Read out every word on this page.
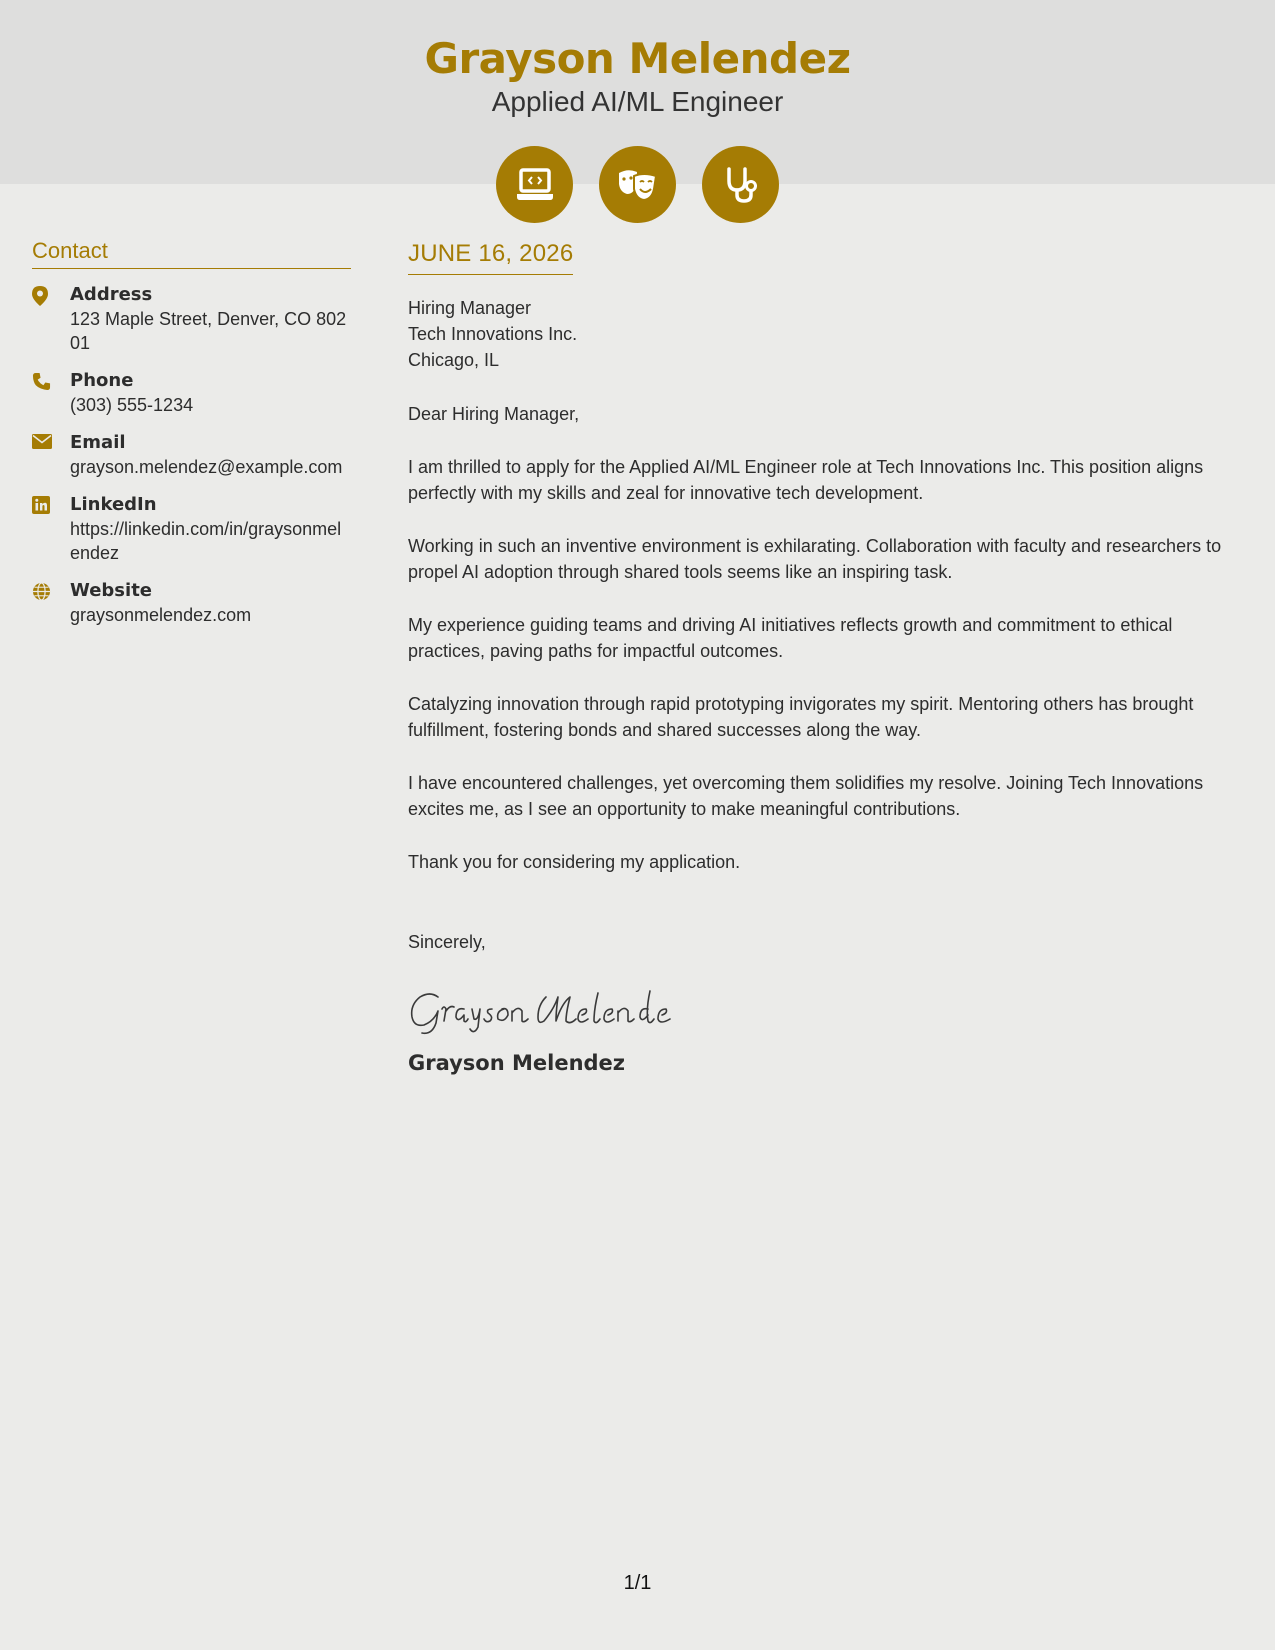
Grayson Melendez
Applied AI/ML Engineer
Contact
Address
123 Maple Street, Denver, CO 80201
Phone
(303) 555-1234
Email
grayson.melendez@example.com
LinkedIn
https://linkedin.com/in/graysonmelendez
Website
graysonmelendez.com
JUNE 16, 2026
Hiring Manager
Tech Innovations Inc.
Chicago, IL
Dear Hiring Manager,
I am thrilled to apply for the Applied AI/ML Engineer role at Tech Innovations Inc. This position aligns perfectly with my skills and zeal for innovative tech development.
Working in such an inventive environment is exhilarating. Collaboration with faculty and researchers to propel AI adoption through shared tools seems like an inspiring task.
My experience guiding teams and driving AI initiatives reflects growth and commitment to ethical practices, paving paths for impactful outcomes.
Catalyzing innovation through rapid prototyping invigorates my spirit. Mentoring others has brought fulfillment, fostering bonds and shared successes along the way.
I have encountered challenges, yet overcoming them solidifies my resolve. Joining Tech Innovations excites me, as I see an opportunity to make meaningful contributions.
Thank you for considering my application.
Sincerely,
Grayson Melendez
1/1
